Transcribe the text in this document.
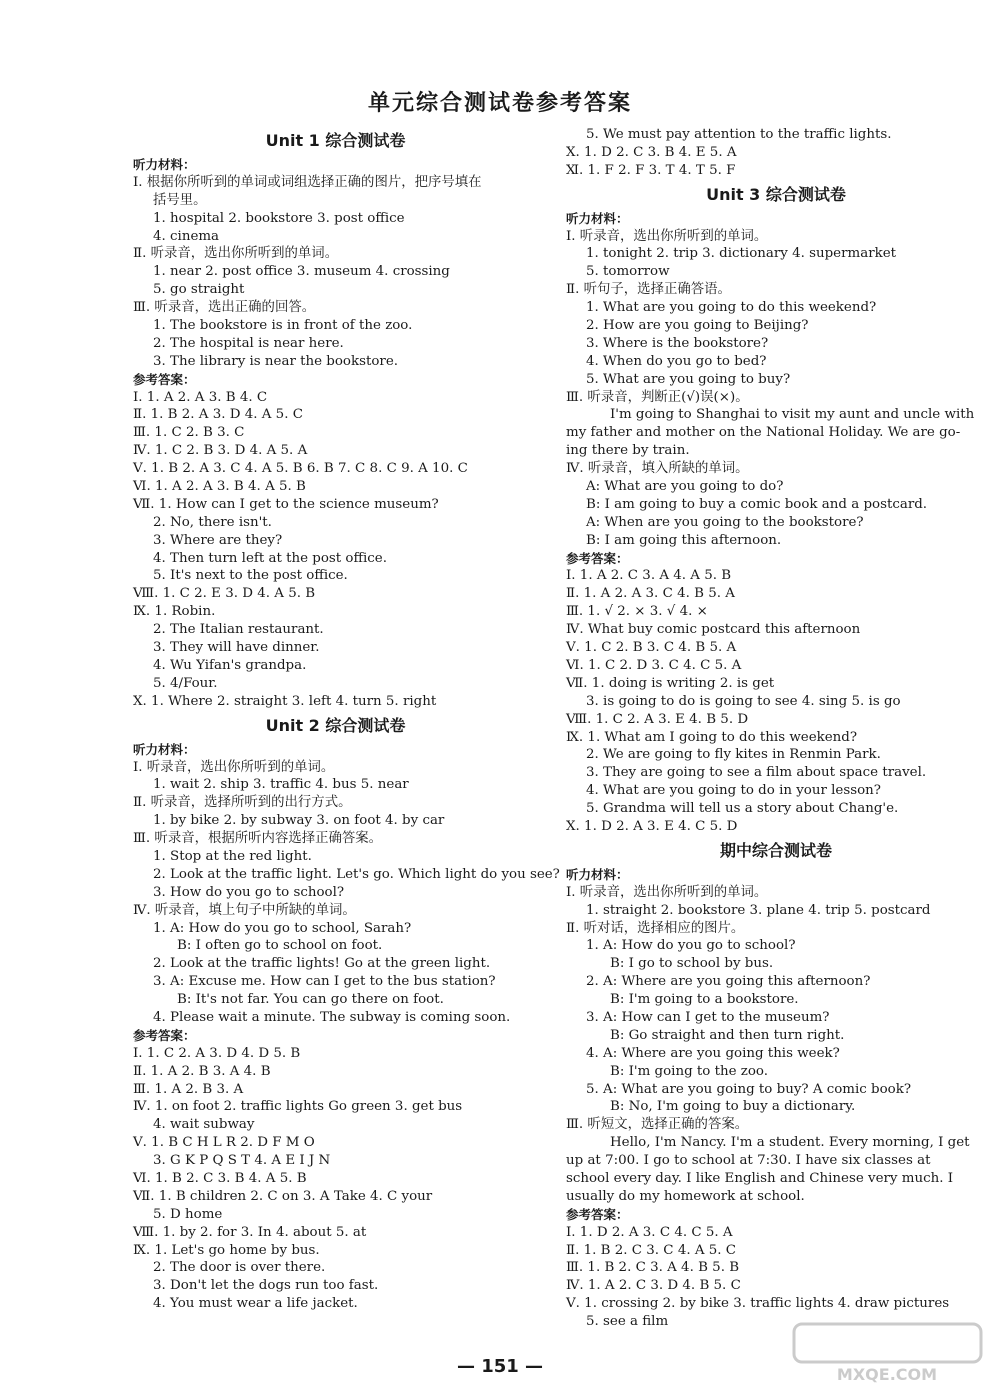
单元综合测试卷参考答案
Unit 1 综合测试卷
听力材料：
Ⅰ. 根据你所听到的单词或词组选择正确的图片，把序号填在
括号里。
1. hospital 2. bookstore 3. post office
4. cinema
Ⅱ. 听录音，选出你所听到的单词。
1. near 2. post office 3. museum 4. crossing
5. go straight
Ⅲ. 听录音，选出正确的回答。
1. The bookstore is in front of the zoo.
2. The hospital is near here.
3. The library is near the bookstore.
参考答案：
Ⅰ. 1. A 2. A 3. B 4. C
Ⅱ. 1. B 2. A 3. D 4. A 5. C
Ⅲ. 1. C 2. B 3. C
Ⅳ. 1. C 2. B 3. D 4. A 5. A
Ⅴ. 1. B 2. A 3. C 4. A 5. B 6. B 7. C 8. C 9. A 10. C
Ⅵ. 1. A 2. A 3. B 4. A 5. B
Ⅶ. 1. How can I get to the science museum?
2. No, there isn't.
3. Where are they?
4. Then turn left at the post office.
5. It's next to the post office.
Ⅷ. 1. C 2. E 3. D 4. A 5. B
Ⅸ. 1. Robin.
2. The Italian restaurant.
3. They will have dinner.
4. Wu Yifan's grandpa.
5. 4/Four.
Ⅹ. 1. Where 2. straight 3. left 4. turn 5. right
Unit 2 综合测试卷
听力材料：
Ⅰ. 听录音，选出你所听到的单词。
1. wait 2. ship 3. traffic 4. bus 5. near
Ⅱ. 听录音，选择所听到的出行方式。
1. by bike 2. by subway 3. on foot 4. by car
Ⅲ. 听录音，根据所听内容选择正确答案。
1. Stop at the red light.
2. Look at the traffic light. Let's go. Which light do you see?
3. How do you go to school?
Ⅳ. 听录音，填上句子中所缺的单词。
1. A: How do you go to school, Sarah?
B: I often go to school on foot.
2. Look at the traffic lights! Go at the green light.
3. A: Excuse me. How can I get to the bus station?
B: It's not far. You can go there on foot.
4. Please wait a minute. The subway is coming soon.
参考答案：
Ⅰ. 1. C 2. A 3. D 4. D 5. B
Ⅱ. 1. A 2. B 3. A 4. B
Ⅲ. 1. A 2. B 3. A
Ⅳ. 1. on foot 2. traffic lights Go green 3. get bus
4. wait subway
Ⅴ. 1. B C H L R 2. D F M O
3. G K P Q S T 4. A E I J N
Ⅵ. 1. B 2. C 3. B 4. A 5. B
Ⅶ. 1. B children 2. C on 3. A Take 4. C your
5. D home
Ⅷ. 1. by 2. for 3. In 4. about 5. at
Ⅸ. 1. Let's go home by bus.
2. The door is over there.
3. Don't let the dogs run too fast.
4. You must wear a life jacket.
5. We must pay attention to the traffic lights.
Ⅹ. 1. D 2. C 3. B 4. E 5. A
Ⅺ. 1. F 2. F 3. T 4. T 5. F
Unit 3 综合测试卷
听力材料：
Ⅰ. 听录音，选出你所听到的单词。
1. tonight 2. trip 3. dictionary 4. supermarket
5. tomorrow
Ⅱ. 听句子，选择正确答语。
1. What are you going to do this weekend?
2. How are you going to Beijing?
3. Where is the bookstore?
4. When do you go to bed?
5. What are you going to buy?
Ⅲ. 听录音，判断正(√)误(×)。
I'm going to Shanghai to visit my aunt and uncle with
my father and mother on the National Holiday. We are go-
ing there by train.
Ⅳ. 听录音，填入所缺的单词。
A: What are you going to do?
B: I am going to buy a comic book and a postcard.
A: When are you going to the bookstore?
B: I am going this afternoon.
参考答案：
Ⅰ. 1. A 2. C 3. A 4. A 5. B
Ⅱ. 1. A 2. A 3. C 4. B 5. A
Ⅲ. 1. √ 2. × 3. √ 4. ×
Ⅳ. What buy comic postcard this afternoon
Ⅴ. 1. C 2. B 3. C 4. B 5. A
Ⅵ. 1. C 2. D 3. C 4. C 5. A
Ⅶ. 1. doing is writing 2. is get
3. is going to do is going to see 4. sing 5. is go
Ⅷ. 1. C 2. A 3. E 4. B 5. D
Ⅸ. 1. What am I going to do this weekend?
2. We are going to fly kites in Renmin Park.
3. They are going to see a film about space travel.
4. What are you going to do in your lesson?
5. Grandma will tell us a story about Chang'e.
Ⅹ. 1. D 2. A 3. E 4. C 5. D
期中综合测试卷
听力材料：
Ⅰ. 听录音，选出你所听到的单词。
1. straight 2. bookstore 3. plane 4. trip 5. postcard
Ⅱ. 听对话，选择相应的图片。
1. A: How do you go to school?
B: I go to school by bus.
2. A: Where are you going this afternoon?
B: I'm going to a bookstore.
3. A: How can I get to the museum?
B: Go straight and then turn right.
4. A: Where are you going this week?
B: I'm going to the zoo.
5. A: What are you going to buy? A comic book?
B: No, I'm going to buy a dictionary.
Ⅲ. 听短文，选择正确的答案。
Hello, I'm Nancy. I'm a student. Every morning, I get
up at 7:00. I go to school at 7:30. I have six classes at
school every day. I like English and Chinese very much. I
usually do my homework at school.
参考答案：
Ⅰ. 1. D 2. A 3. C 4. C 5. A
Ⅱ. 1. B 2. C 3. C 4. A 5. C
Ⅲ. 1. B 2. C 3. A 4. B 5. B
Ⅳ. 1. A 2. C 3. D 4. B 5. C
Ⅴ. 1. crossing 2. by bike 3. traffic lights 4. draw pictures
5. see a film
— 151 —	MXQE.COM
